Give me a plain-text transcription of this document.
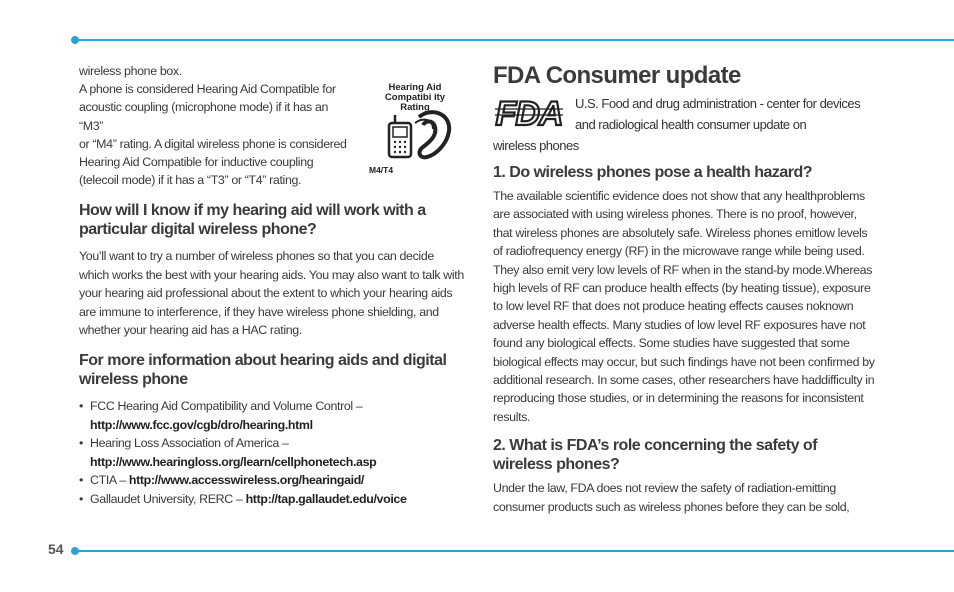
54

wireless phone box.
A phone is considered Hearing Aid Compatible for
acoustic coupling (microphone mode) if it has an “M3”
or “M4” rating. A digital wireless phone is considered
Hearing Aid Compatible for inductive coupling
(telecoil mode) if it has a “T3” or “T4” rating.

Hearing Aid
Compatibi ity Rating
M4/T4
How will I know if my hearing aid will work with a particular digital wireless phone?

You’ll want to try a number of wireless phones so that you can decide which works the best with your hearing aids. You may also want to talk with your hearing aid professional about the extent to which your hearing aids are immune to interference, if they have wireless phone shielding, and whether your hearing aid has a HAC rating.

For more information about hearing aids and digital wireless phone
• FCC Hearing Aid Compatibility and Volume Control –
http://www.fcc.gov/cgb/dro/hearing.html
• Hearing Loss Association of America –
http://www.hearingloss.org/learn/cellphonetech.asp
• CTIA – http://www.accesswireless.org/hearingaid/
• Gallaudet University, RERC – http://tap.gallaudet.edu/voice
FDA Consumer update
FDA U.S. Food and drug administration - center for devices
and radiological health consumer update on

wireless phones

1. Do wireless phones pose a health hazard?

The available scientific evidence does not show that any healthproblems are associated with using wireless phones. There is no proof, however, that wireless phones are absolutely safe. Wireless phones emitlow levels of radiofrequency energy (RF) in the microwave range while being used. They also emit very low levels of RF when in the stand-by mode.Whereas high levels of RF can produce health effects (by heating tissue), exposure to low level RF that does not produce heating effects causes noknown adverse health effects. Many studies of low level RF exposures have not found any biological effects. Some studies have suggested that some biological effects may occur, but such findings have not been confirmed by additional research. In some cases, other researchers have haddifficulty in reproducing those studies, or in determining the reasons for inconsistent results.

2. What is FDA’s role concerning the safety of wireless phones?

Under the law, FDA does not review the safety of radiation-emitting consumer products such as wireless phones before they can be sold,
